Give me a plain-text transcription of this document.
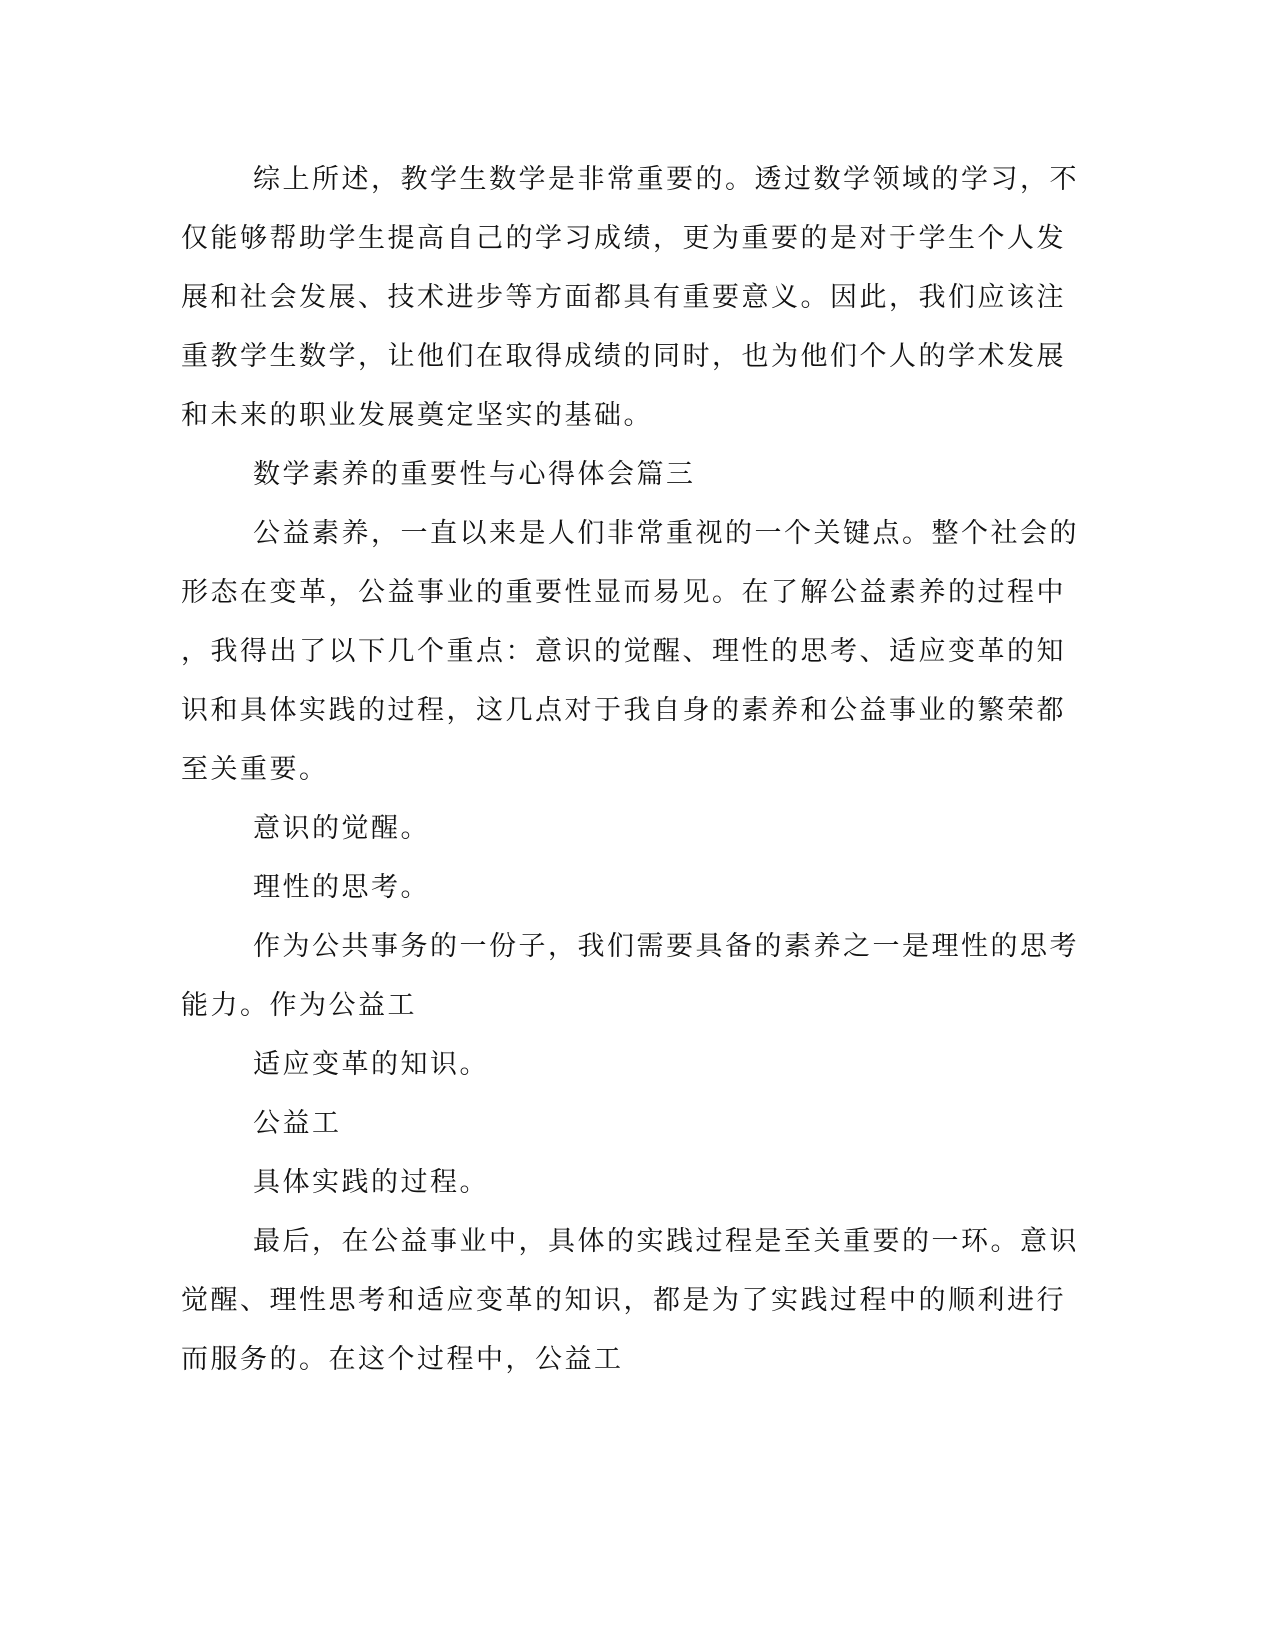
综上所述，教学生数学是非常重要的。透过数学领域的学习，不

仅能够帮助学生提高自己的学习成绩，更为重要的是对于学生个人发

展和社会发展、技术进步等方面都具有重要意义。因此，我们应该注

重教学生数学，让他们在取得成绩的同时，也为他们个人的学术发展

和未来的职业发展奠定坚实的基础。

数学素养的重要性与心得体会篇三

公益素养，一直以来是人们非常重视的一个关键点。整个社会的

形态在变革，公益事业的重要性显而易见。在了解公益素养的过程中

，我得出了以下几个重点：意识的觉醒、理性的思考、适应变革的知

识和具体实践的过程，这几点对于我自身的素养和公益事业的繁荣都

至关重要。

意识的觉醒。

理性的思考。

作为公共事务的一份子，我们需要具备的素养之一是理性的思考

能力。作为公益工

适应变革的知识。

公益工

具体实践的过程。

最后，在公益事业中，具体的实践过程是至关重要的一环。意识

觉醒、理性思考和适应变革的知识，都是为了实践过程中的顺利进行

而服务的。在这个过程中，公益工
